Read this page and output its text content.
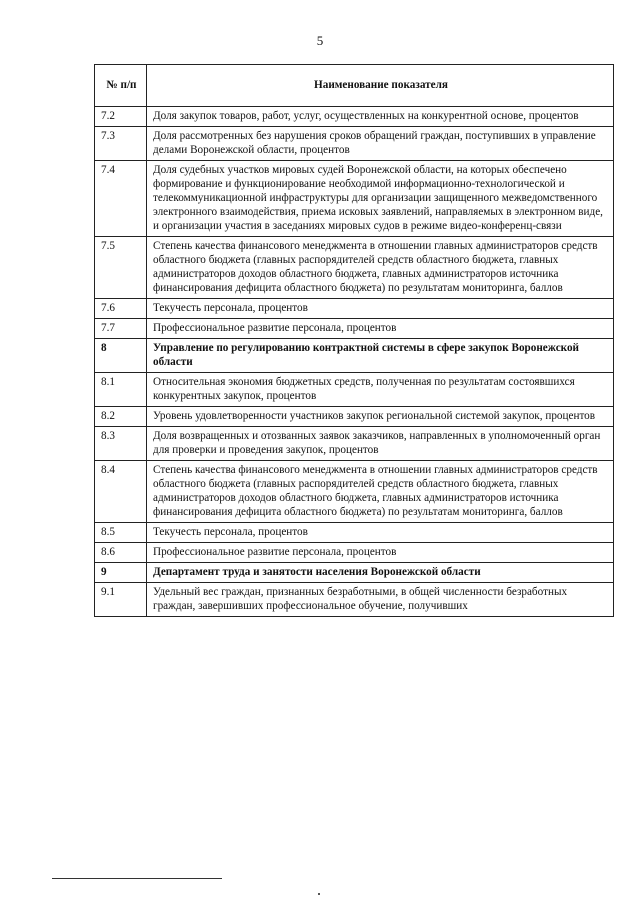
5
№ п/п	Наименование показателя
7.2	Доля закупок товаров, работ, услуг, осуществленных на конкурентной основе, процентов
7.3	Доля рассмотренных без нарушения сроков обращений граждан, поступивших в управление делами Воронежской области, процентов
7.4	Доля судебных участков мировых судей Воронежской области, на которых обеспечено формирование и функционирование необходимой информационно-технологической и телекоммуникационной инфраструктуры для организации защищенного межведомственного электронного взаимодействия, приема исковых заявлений, направляемых в электронном виде, и организации участия в заседаниях мировых судов в режиме видео-конференц-связи
7.5	Степень качества финансового менеджмента в отношении главных администраторов средств областного бюджета (главных распорядителей средств областного бюджета, главных администраторов доходов областного бюджета, главных администраторов источника финансирования дефицита областного бюджета) по результатам мониторинга, баллов
7.6	Текучесть персонала, процентов
7.7	Профессиональное развитие персонала, процентов
8	Управление по регулированию контрактной системы в сфере закупок Воронежской области
8.1	Относительная экономия бюджетных средств, полученная по результатам состоявшихся конкурентных закупок, процентов
8.2	Уровень удовлетворенности участников закупок региональной системой закупок, процентов
8.3	Доля возвращенных и отозванных заявок заказчиков, направленных в уполномоченный орган для проверки и проведения закупок, процентов
8.4	Степень качества финансового менеджмента в отношении главных администраторов средств областного бюджета (главных распорядителей средств областного бюджета, главных администраторов доходов областного бюджета, главных администраторов источника финансирования дефицита областного бюджета) по результатам мониторинга, баллов
8.5	Текучесть персонала, процентов
8.6	Профессиональное развитие персонала, процентов
9	Департамент труда и занятости населения Воронежской области
9.1	Удельный вес граждан, признанных безработными, в общей численности безработных граждан, завершивших профессиональное обучение, получивших
